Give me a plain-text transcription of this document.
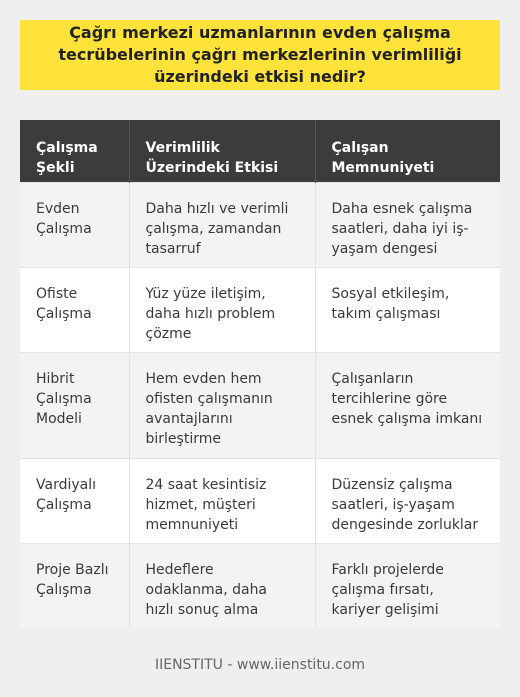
Çağrı merkezi uzmanlarının evden çalışma tecrübelerinin çağrı merkezlerinin verimliliği üzerindeki etkisi nedir?
Çalışma Şekli	Verimlilik Üzerindeki Etkisi	Çalışan Memnuniyeti
Evden Çalışma	Daha hızlı ve verimli çalışma, zamandan tasarruf	Daha esnek çalışma saatleri, daha iyi iş-yaşam dengesi
Ofiste Çalışma	Yüz yüze iletişim, daha hızlı problem çözme	Sosyal etkileşim, takım çalışması
Hibrit Çalışma Modeli	Hem evden hem ofisten çalışmanın avantajlarını birleştirme	Çalışanların tercihlerine göre esnek çalışma imkanı
Vardiyalı Çalışma	24 saat kesintisiz hizmet, müşteri memnuniyeti	Düzensiz çalışma saatleri, iş-yaşam dengesinde zorluklar
Proje Bazlı Çalışma	Hedeflere odaklanma, daha hızlı sonuç alma	Farklı projelerde çalışma fırsatı, kariyer gelişimi
IIENSTITU - www.iienstitu.com
